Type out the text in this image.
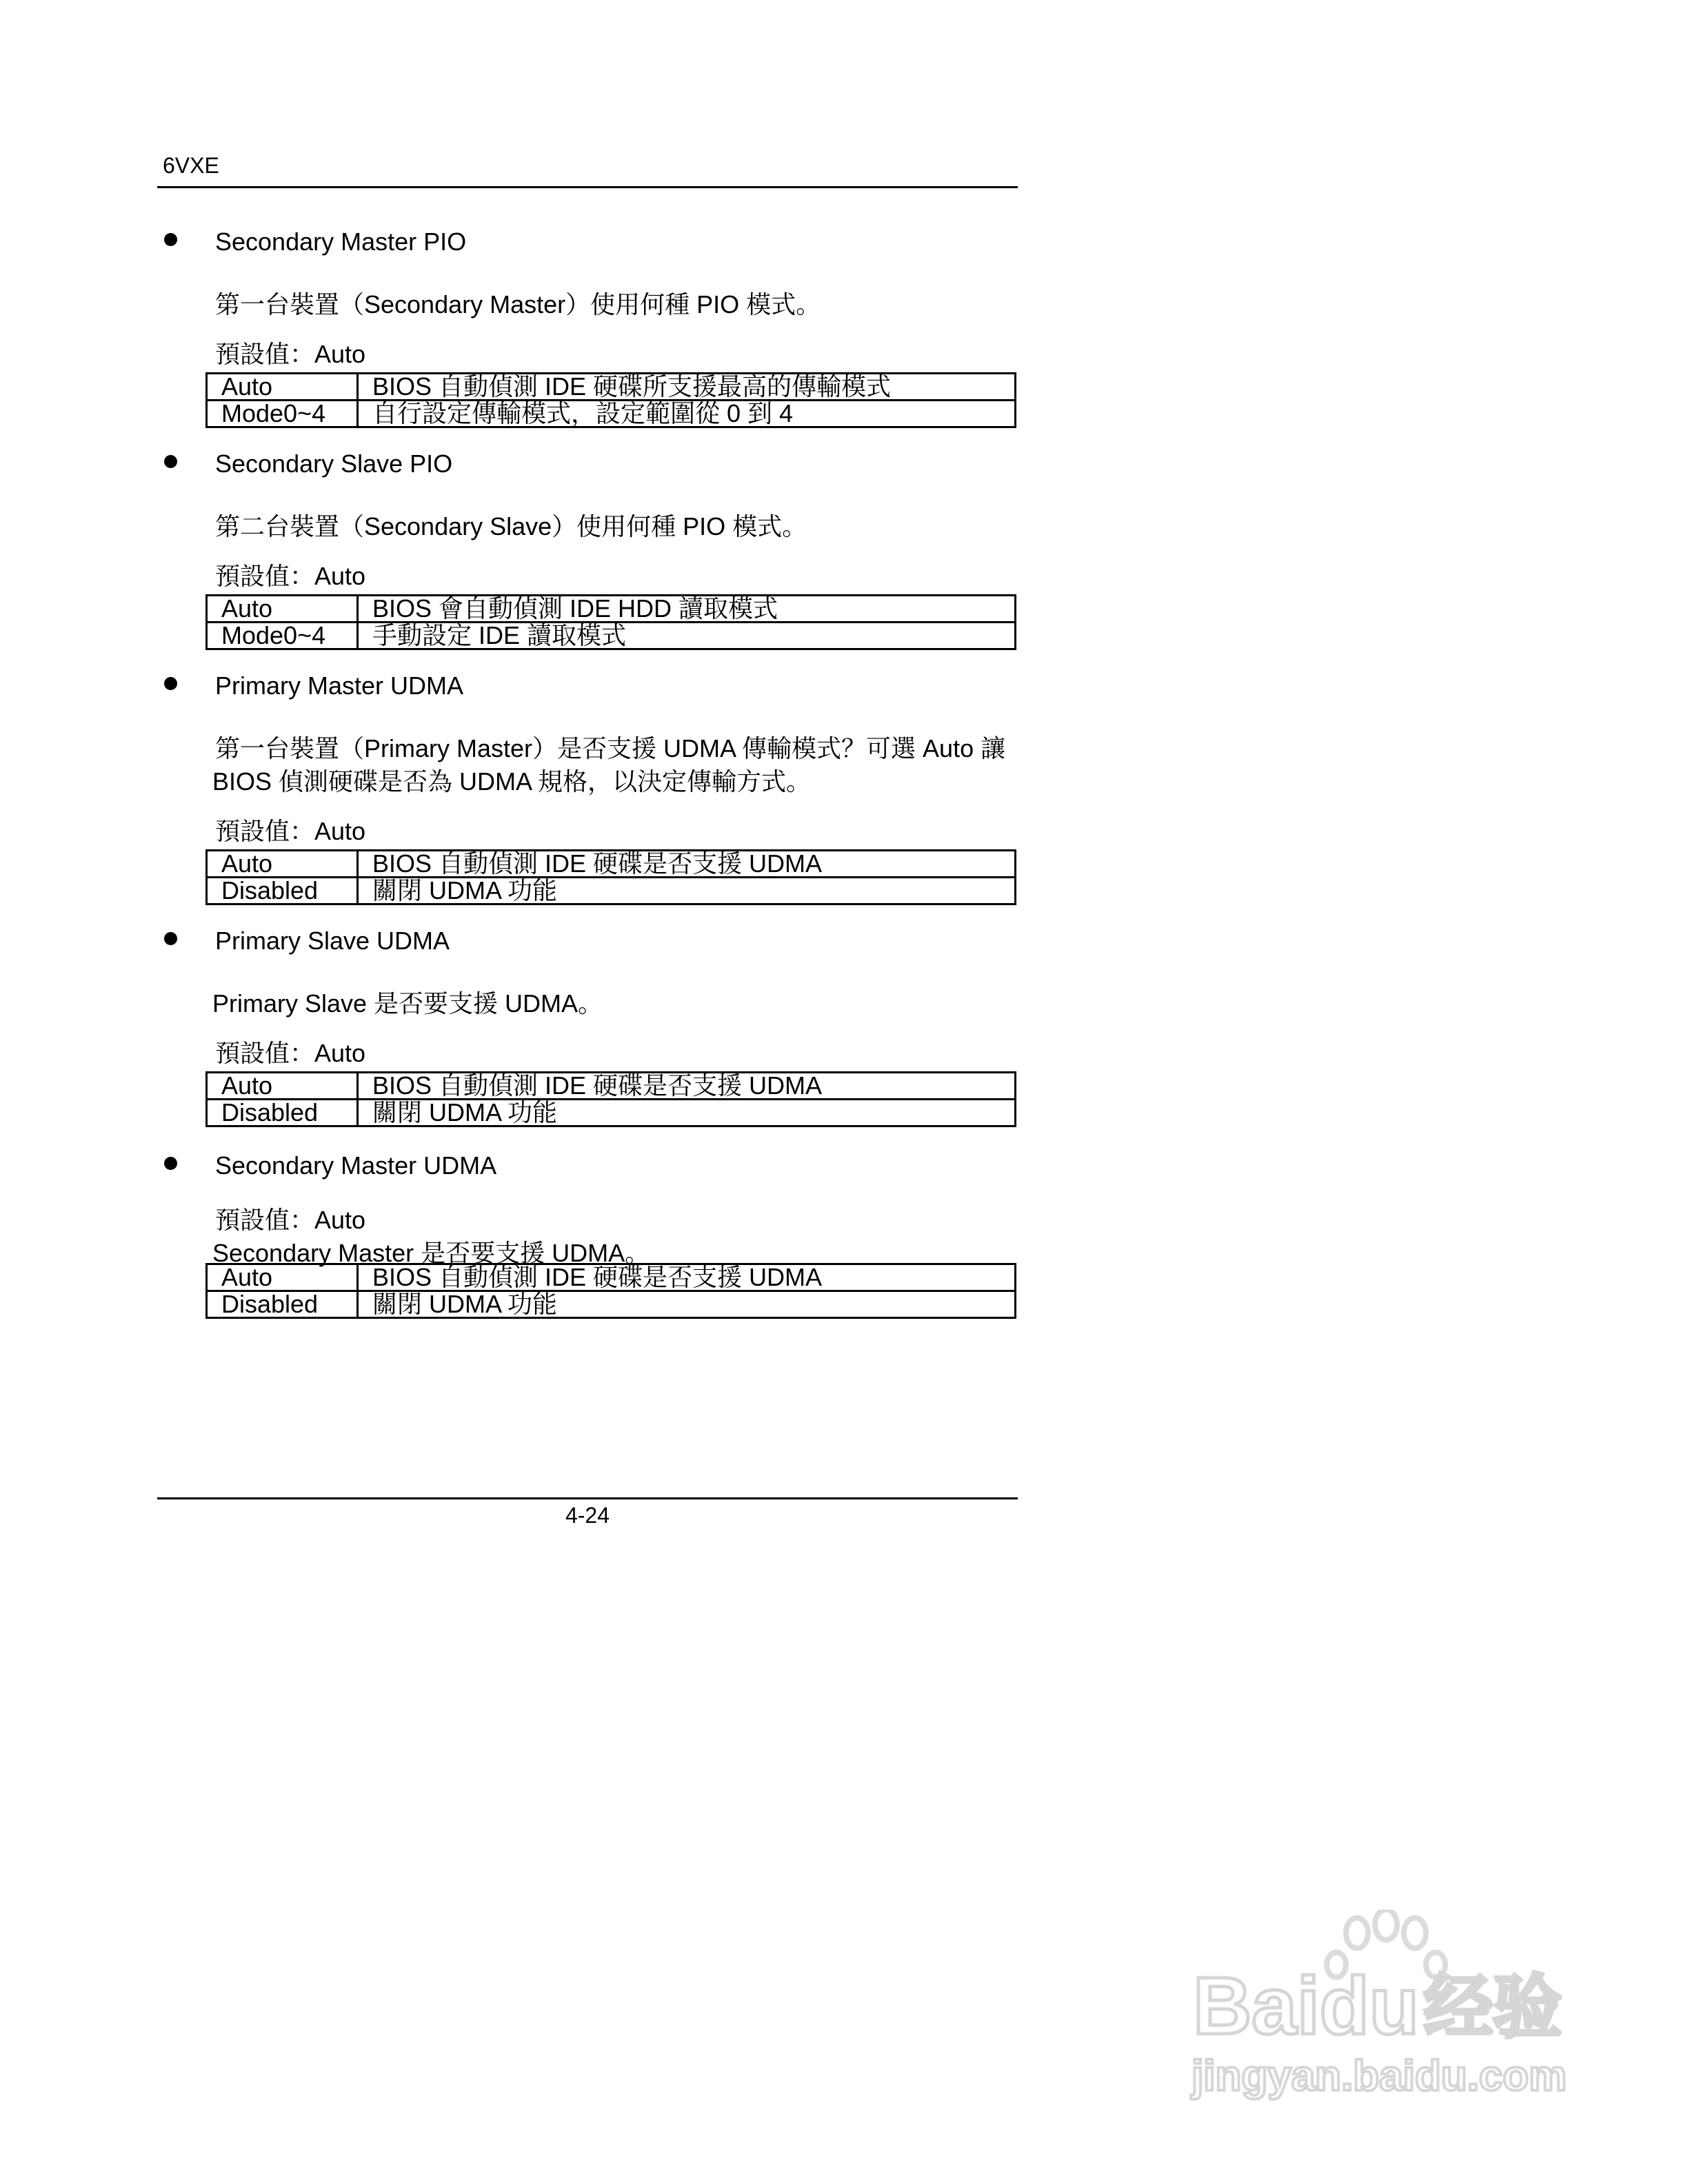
6VXE
Secondary Master PIO
第一台裝置（Secondary Master）使用何種 PIO 模式。
預設值：Auto
Auto	BIOS 自動偵測 IDE 硬碟所支援最高的傳輸模式
Mode0~4	自行設定傳輸模式，設定範圍從 0 到 4
Secondary Slave PIO
第二台裝置（Secondary Slave）使用何種 PIO 模式。
預設值：Auto
Auto	BIOS 會自動偵測 IDE HDD 讀取模式
Mode0~4	手動設定 IDE 讀取模式
Primary Master UDMA
第一台裝置（Primary Master）是否支援 UDMA 傳輸模式？可選 Auto 讓
BIOS 偵測硬碟是否為 UDMA 規格，以決定傳輸方式。
預設值：Auto
Auto	BIOS 自動偵測 IDE 硬碟是否支援 UDMA
Disabled	關閉 UDMA 功能
Primary Slave UDMA
Primary Slave 是否要支援 UDMA。
預設值：Auto
Auto	BIOS 自動偵測 IDE 硬碟是否支援 UDMA
Disabled	關閉 UDMA 功能
Secondary Master UDMA
預設值：Auto
Secondary Master 是否要支援 UDMA。
Auto	BIOS 自動偵測 IDE 硬碟是否支援 UDMA
Disabled	關閉 UDMA 功能
4-24
Baidu 经验
jingyan.baidu.com
